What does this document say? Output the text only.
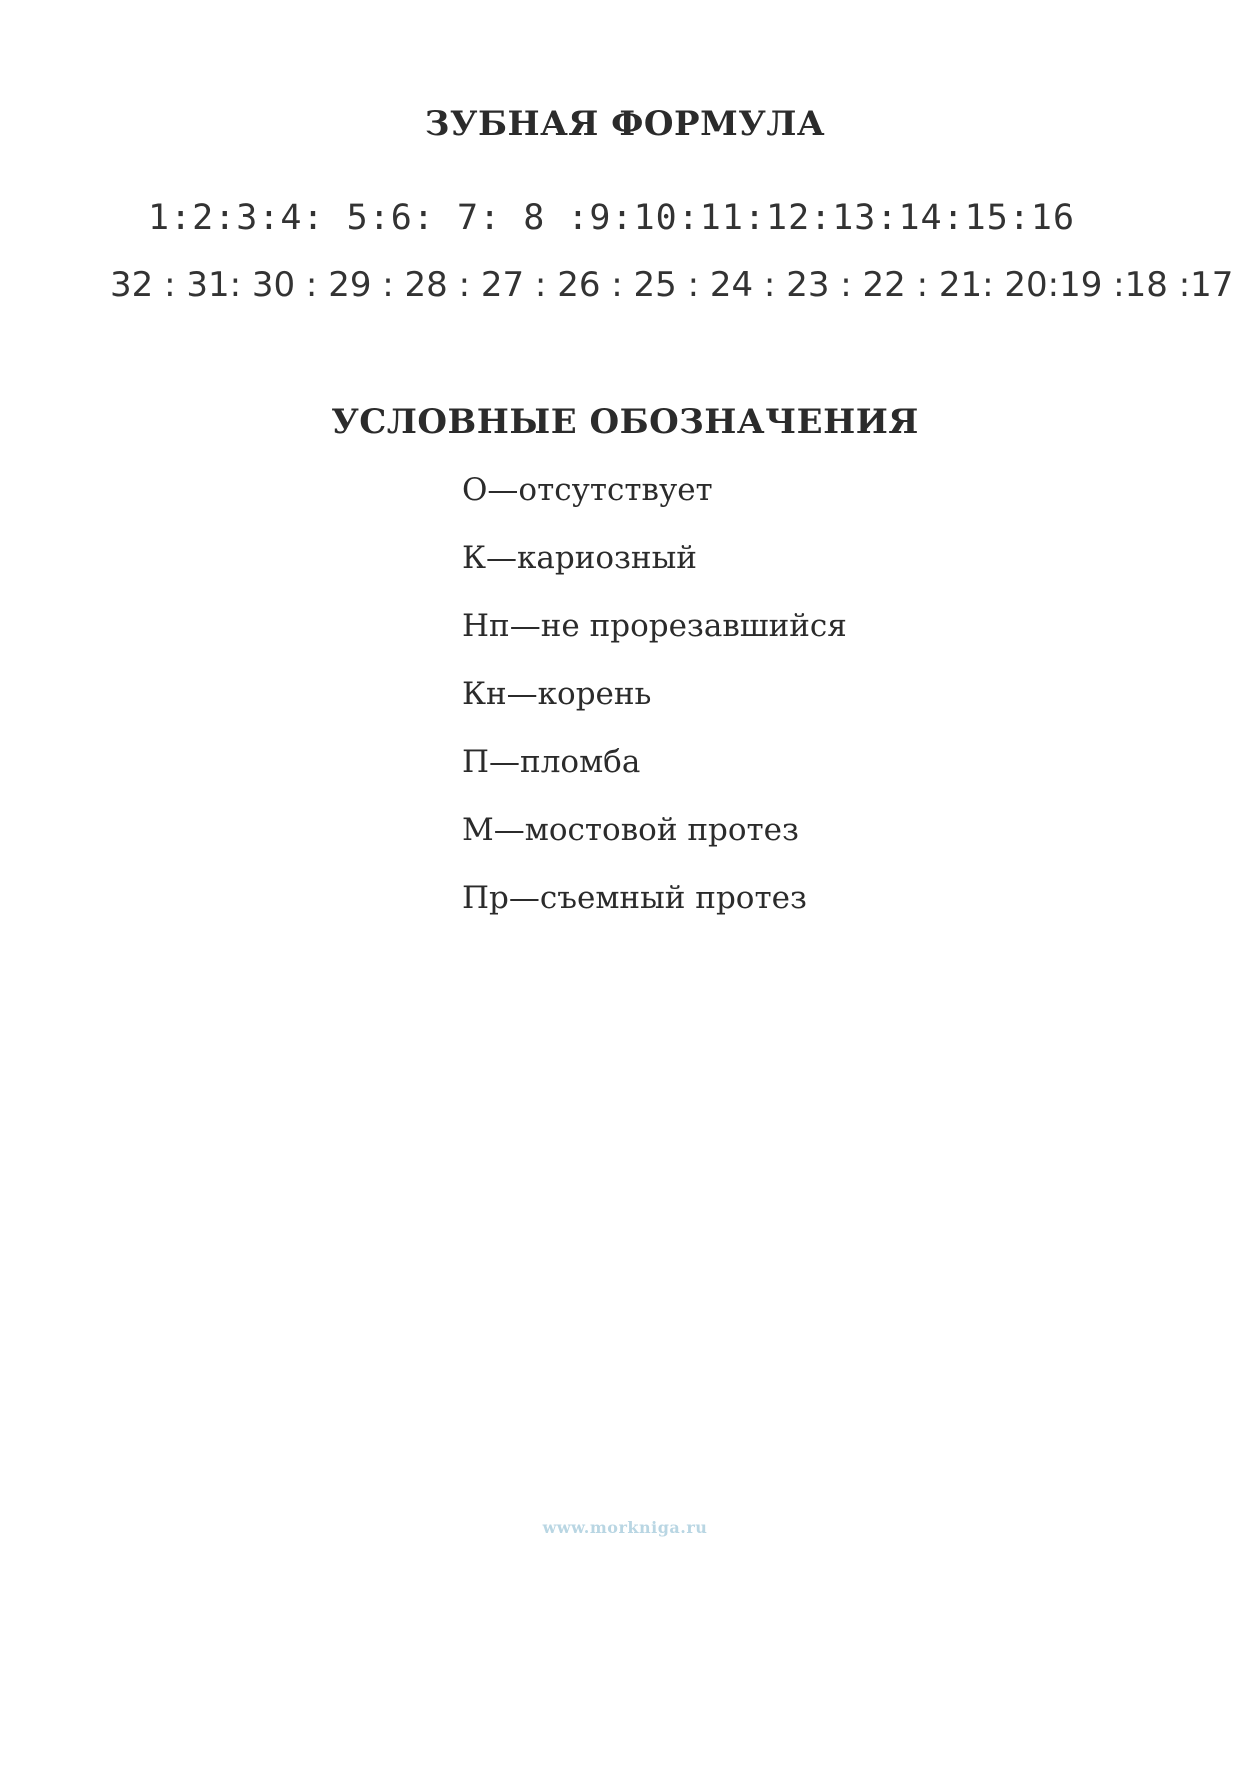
ЗУБНАЯ ФОРМУЛА
1:2:3:4: 5:6: 7: 8 :9:10:11:12:13:14:15:16
32 : 31: 30 : 29 : 28 : 27 : 26 : 25 : 24 : 23 : 22 : 21: 20:19 :18 :17
УСЛОВНЫЕ ОБОЗНАЧЕНИЯ
О—отсутствует
К—кариозный
Нп—не прорезавшийся
Кн—корень
П—пломба
М—мостовой протез
Пр—съемный протез
www.morkniga.ru
